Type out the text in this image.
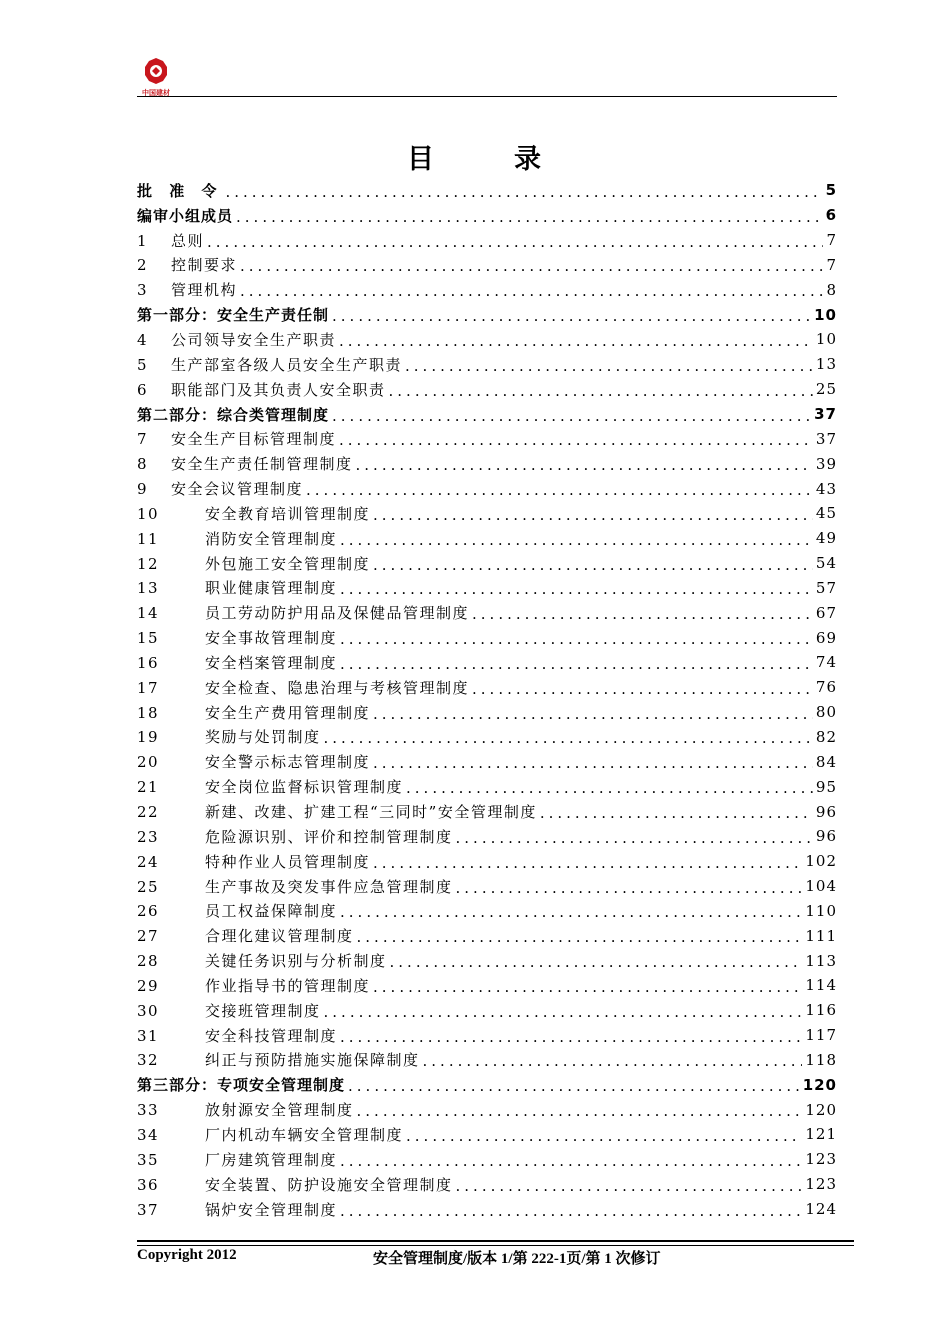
中国建材
目	录
批 准 令 .....	5
编审小组成员 .....	6
1 总则 .....	7
2 控制要求 .....	7
3 管理机构 .....	8
第一部分：安全生产责任制 .....	10
4 公司领导安全生产职责 .....	10
5 生产部室各级人员安全生产职责 .....	13
6 职能部门及其负责人安全职责 .....	25
第二部分：综合类管理制度 .....	37
7 安全生产目标管理制度 .....	37
8 安全生产责任制管理制度 .....	39
9 安全会议管理制度 .....	43
10	安全教育培训管理制度 .....	45
11	消防安全管理制度 .....	49
12	外包施工安全管理制度 .....	54
13	职业健康管理制度 .....	57
14	员工劳动防护用品及保健品管理制度 .....	67
15	安全事故管理制度 .....	69
16	安全档案管理制度 .....	74
17	安全检查、隐患治理与考核管理制度 .....	76
18	安全生产费用管理制度 .....	80
19	奖励与处罚制度 .....	82
20	安全警示标志管理制度 .....	84
21	安全岗位监督标识管理制度 .....	95
22	新建、改建、扩建工程“三同时”安全管理制度 .....	96
23	危险源识别、评价和控制管理制度 .....	96
24	特种作业人员管理制度 .....	102
25	生产事故及突发事件应急管理制度 .....	104
26	员工权益保障制度 .....	110
27	合理化建议管理制度 .....	111
28	关键任务识别与分析制度 .....	113
29	作业指导书的管理制度 .....	114
30	交接班管理制度 .....	116
31	安全科技管理制度 .....	117
32	纠正与预防措施实施保障制度 .....	118
第三部分：专项安全管理制度 .....	120
33	放射源安全管理制度 .....	120
34	厂内机动车辆安全管理制度 .....	121
35	厂房建筑管理制度 .....	123
36	安全装置、防护设施安全管理制度 .....	123
37	锅炉安全管理制度 .....	124
Copyright 2012	安全管理制度/版本 1/第 222-1页/第 1 次修订
